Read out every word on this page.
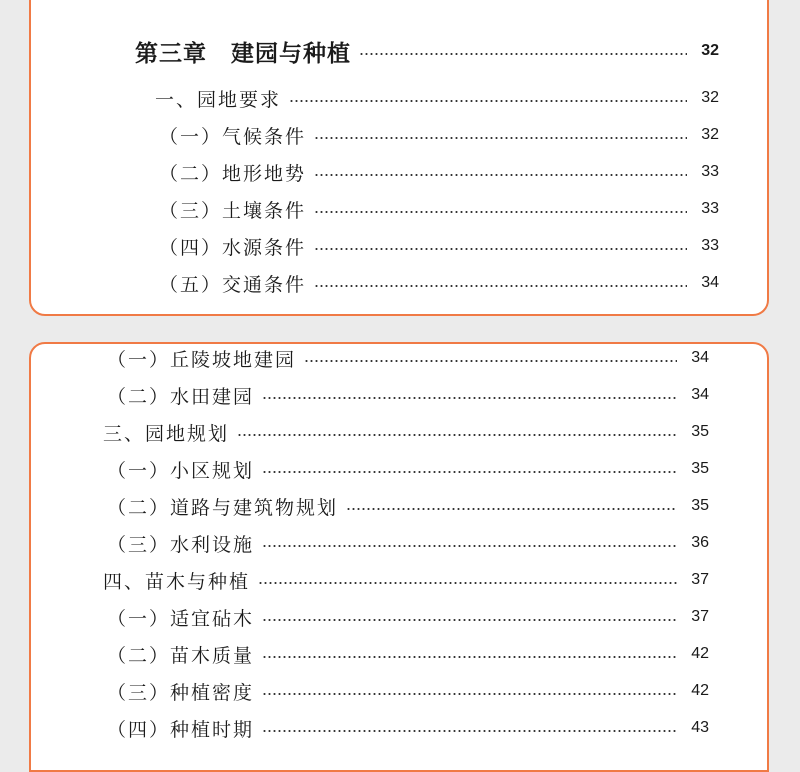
第三章　建园与种植	32
一、园地要求	32
（一）气候条件	32
（二）地形地势	33
（三）土壤条件	33
（四）水源条件	33
（五）交通条件	34
（一）丘陵坡地建园	34
（二）水田建园	34
三、园地规划	35
（一）小区规划	35
（二）道路与建筑物规划	35
（三）水利设施	36
四、苗木与种植	37
（一）适宜砧木	37
（二）苗木质量	42
（三）种植密度	42
（四）种植时期	43
